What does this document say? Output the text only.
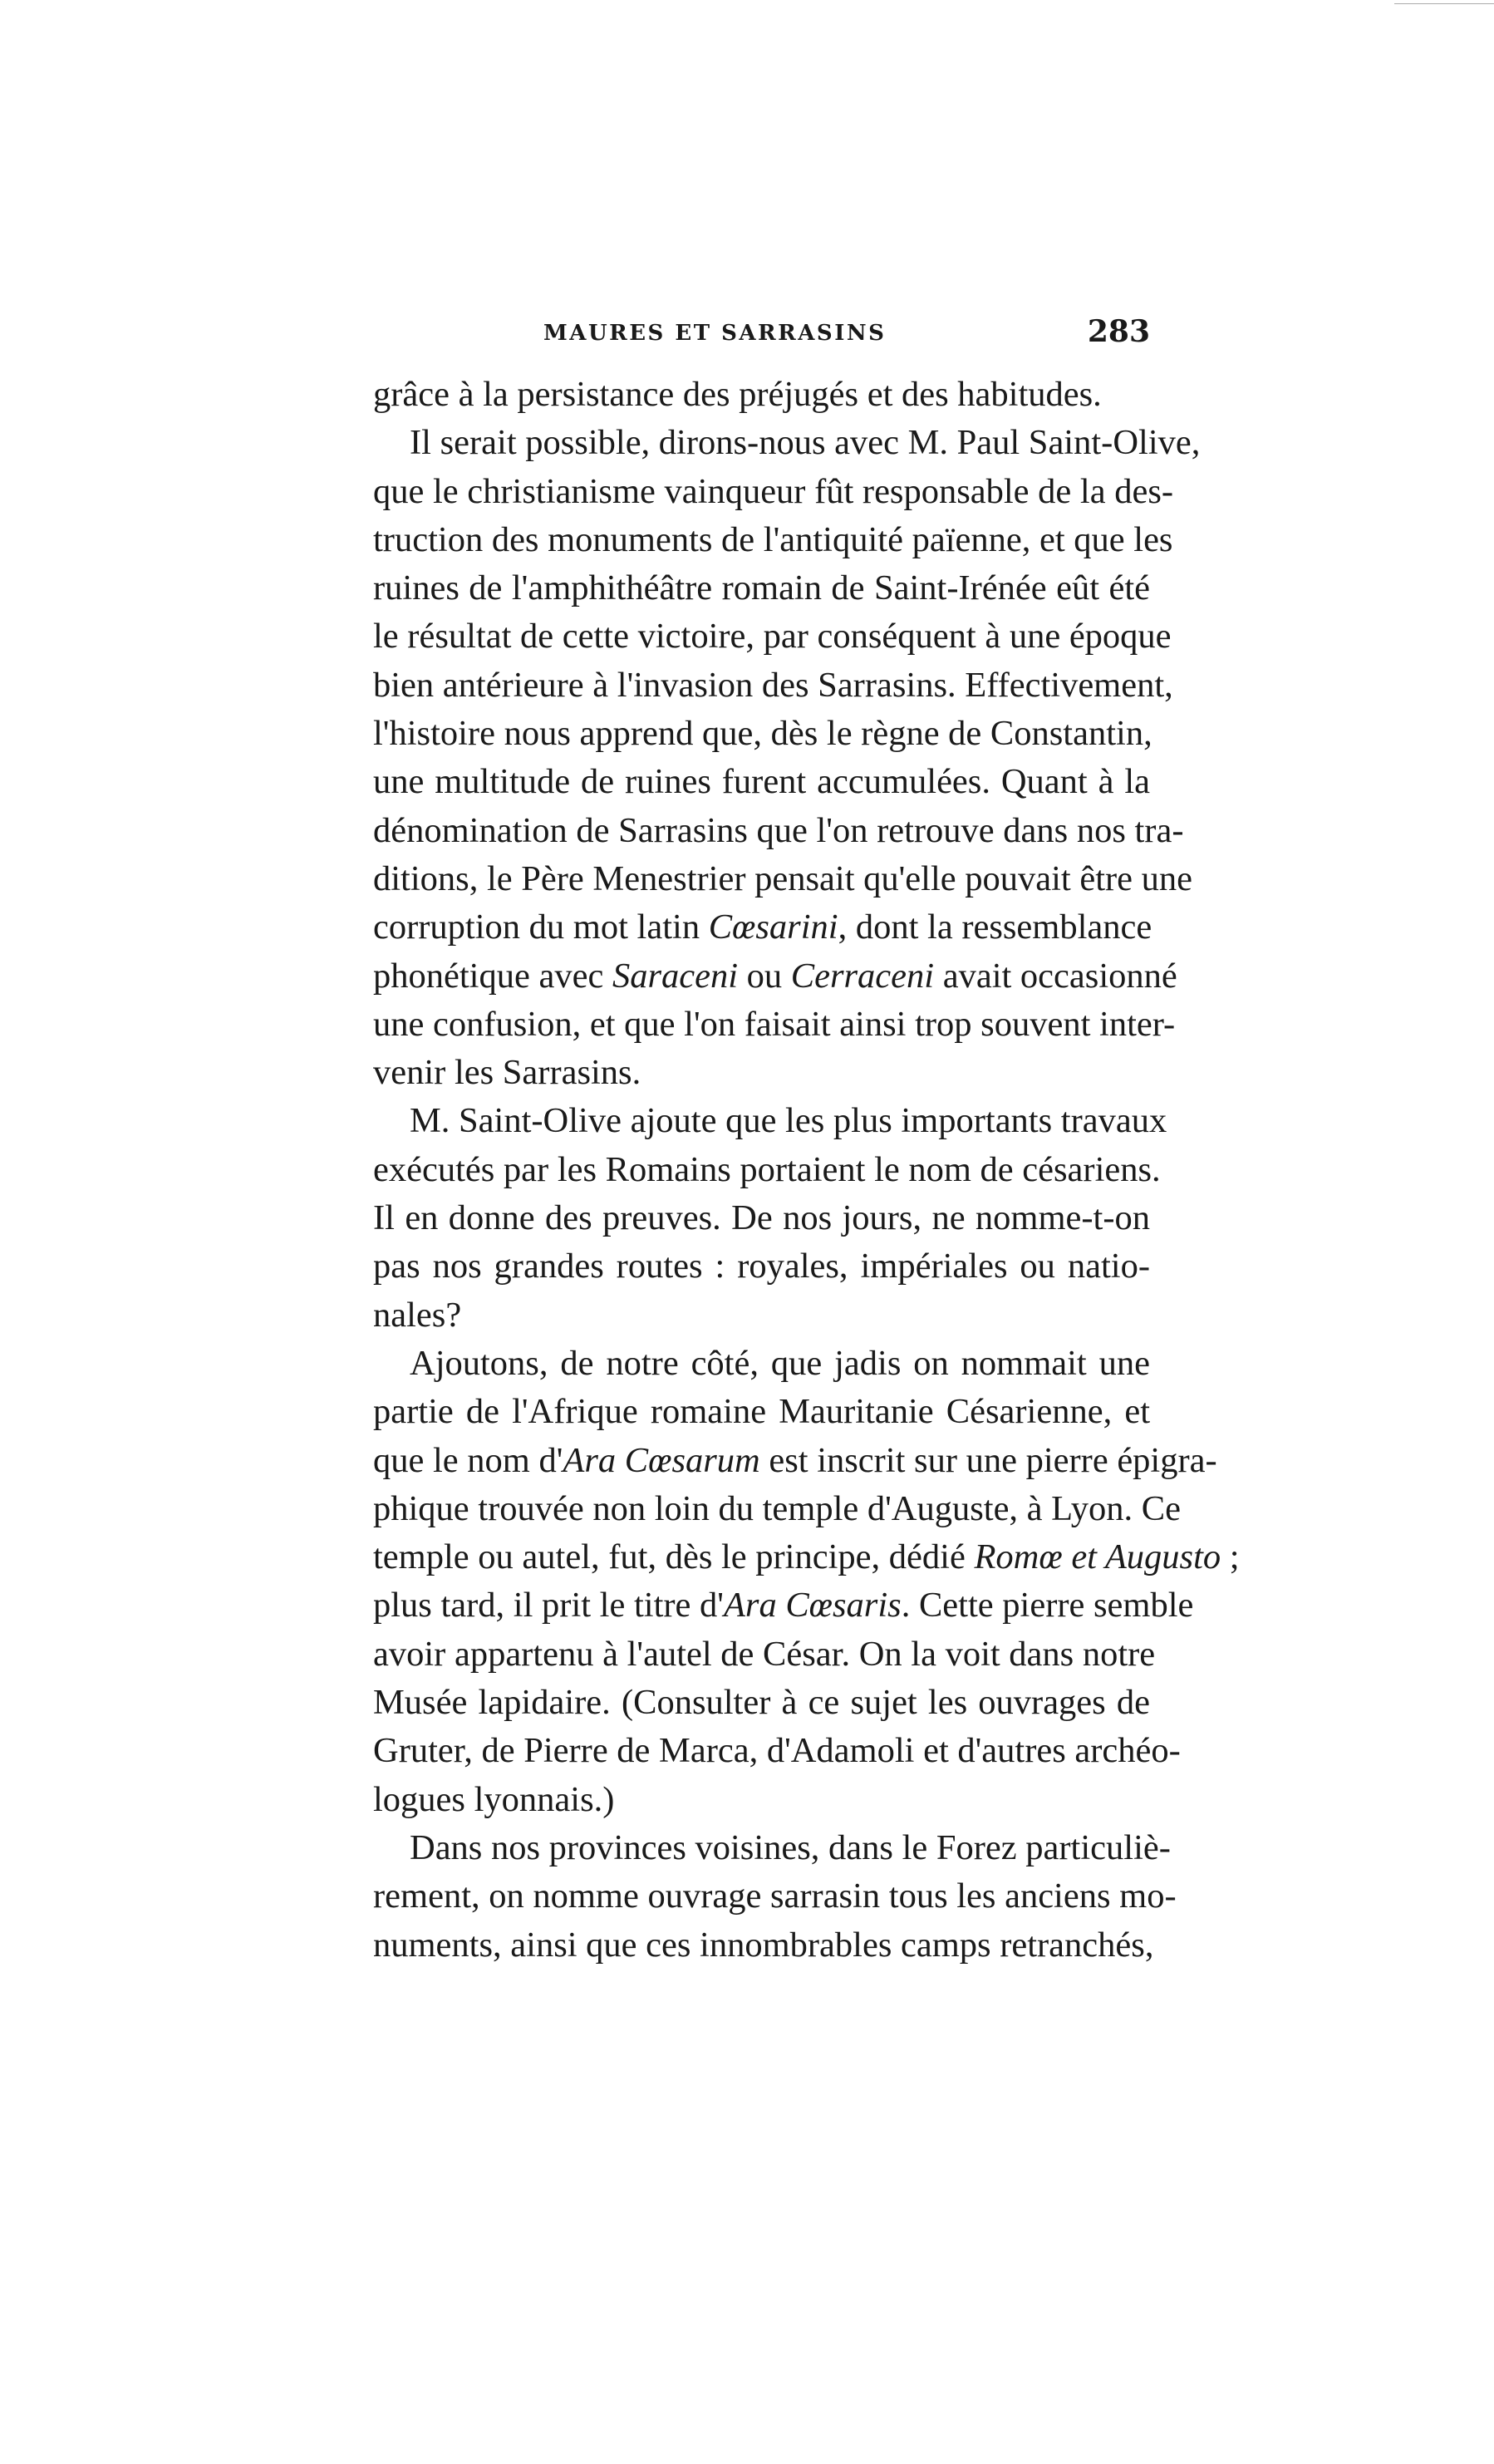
MAURES ET SARRASINS	283
grâce à la persistance des préjugés et des habitudes.
Il serait possible, dirons-nous avec M. Paul Saint-Olive,
que le christianisme vainqueur fût responsable de la des-
truction des monuments de l'antiquité païenne, et que les
ruines de l'amphithéâtre romain de Saint-Irénée eût été
le résultat de cette victoire, par conséquent à une époque
bien antérieure à l'invasion des Sarrasins. Effectivement,
l'histoire nous apprend que, dès le règne de Constantin,
une multitude de ruines furent accumulées. Quant à la
dénomination de Sarrasins que l'on retrouve dans nos tra-
ditions, le Père Menestrier pensait qu'elle pouvait être une
corruption du mot latin Cœsarini, dont la ressemblance
phonétique avec Saraceni ou Cerraceni avait occasionné
une confusion, et que l'on faisait ainsi trop souvent inter-
venir les Sarrasins.
M. Saint-Olive ajoute que les plus importants travaux
exécutés par les Romains portaient le nom de césariens.
Il en donne des preuves. De nos jours, ne nomme-t-on
pas nos grandes routes : royales, impériales ou natio-
nales?
Ajoutons, de notre côté, que jadis on nommait une
partie de l'Afrique romaine Mauritanie Césarienne, et
que le nom d'Ara Cœsarum est inscrit sur une pierre épigra-
phique trouvée non loin du temple d'Auguste, à Lyon. Ce
temple ou autel, fut, dès le principe, dédié Romœ et Augusto ;
plus tard, il prit le titre d'Ara Cœsaris. Cette pierre semble
avoir appartenu à l'autel de César. On la voit dans notre
Musée lapidaire. (Consulter à ce sujet les ouvrages de
Gruter, de Pierre de Marca, d'Adamoli et d'autres archéo-
logues lyonnais.)
Dans nos provinces voisines, dans le Forez particuliè-
rement, on nomme ouvrage sarrasin tous les anciens mo-
numents, ainsi que ces innombrables camps retranchés,
